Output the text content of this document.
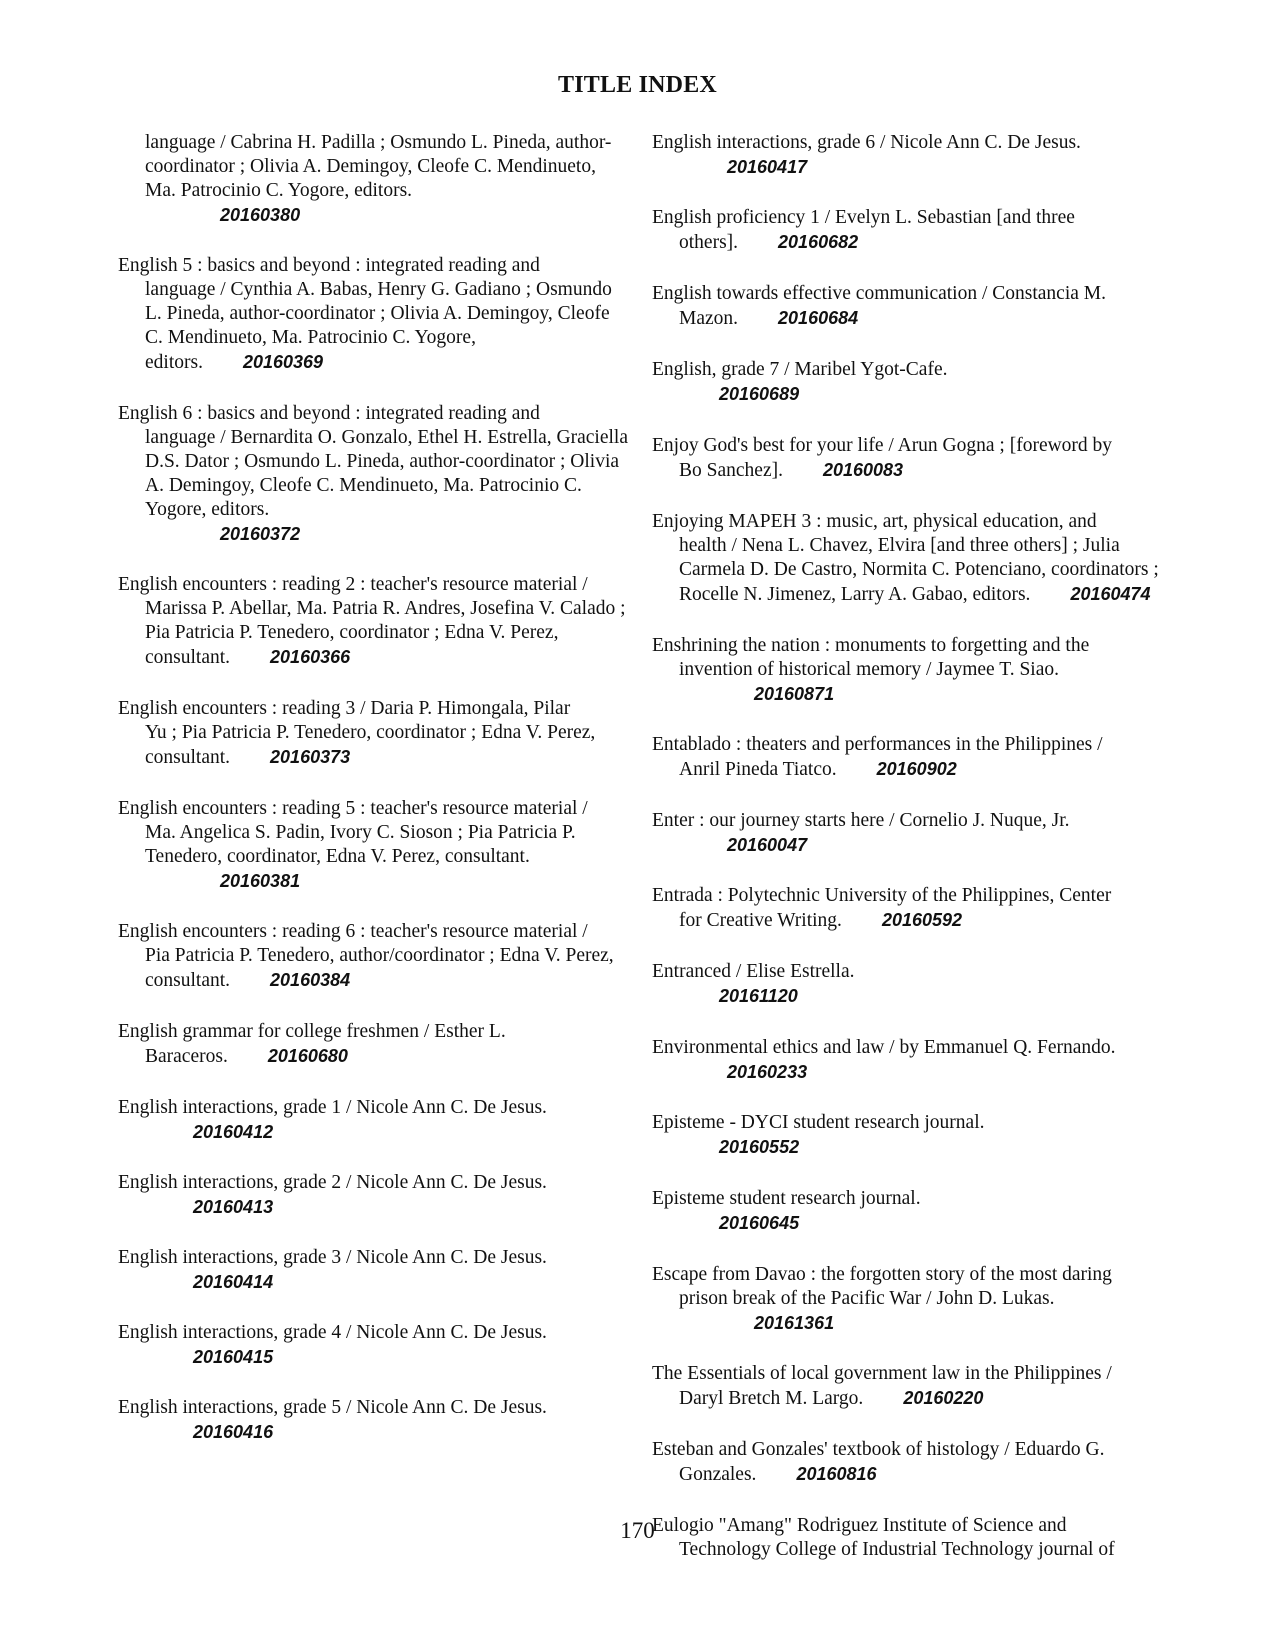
TITLE INDEX
language / Cabrina H. Padilla ; Osmundo L. Pineda, author-coordinator ; Olivia A. Demingoy, Cleofe C. Mendinueto, Ma. Patrocinio C. Yogore, editors.
20160380
English 5 : basics and beyond : integrated reading and
language / Cynthia A. Babas, Henry G. Gadiano ; Osmundo L. Pineda, author-coordinator ; Olivia A. Demingoy, Cleofe C. Mendinueto, Ma. Patrocinio C. Yogore, editors. 20160369
English 6 : basics and beyond : integrated reading and
language / Bernardita O. Gonzalo, Ethel H. Estrella, Graciella D.S. Dator ; Osmundo L. Pineda, author-coordinator ; Olivia A. Demingoy, Cleofe C. Mendinueto, Ma. Patrocinio C. Yogore, editors.
20160372
English encounters : reading 2 : teacher's resource material /
Marissa P. Abellar, Ma. Patria R. Andres, Josefina V. Calado ; Pia Patricia P. Tenedero, coordinator ; Edna V. Perez, consultant. 20160366
English encounters : reading 3 / Daria P. Himongala, Pilar
Yu ; Pia Patricia P. Tenedero, coordinator ; Edna V. Perez, consultant. 20160373
English encounters : reading 5 : teacher's resource material /
Ma. Angelica S. Padin, Ivory C. Sioson ; Pia Patricia P. Tenedero, coordinator, Edna V. Perez, consultant.
20160381
English encounters : reading 6 : teacher's resource material /
Pia Patricia P. Tenedero, author/coordinator ; Edna V. Perez, consultant. 20160384
English grammar for college freshmen / Esther L.
Baraceros. 20160680
English interactions, grade 1 / Nicole Ann C. De Jesus.
20160412
English interactions, grade 2 / Nicole Ann C. De Jesus.
20160413
English interactions, grade 3 / Nicole Ann C. De Jesus.
20160414
English interactions, grade 4 / Nicole Ann C. De Jesus.
20160415
English interactions, grade 5 / Nicole Ann C. De Jesus.
20160416
English interactions, grade 6 / Nicole Ann C. De Jesus.
20160417
English proficiency 1 / Evelyn L. Sebastian [and three
others]. 20160682
English towards effective communication / Constancia M.
Mazon. 20160684
English, grade 7 / Maribel Ygot-Cafe.
20160689
Enjoy God's best for your life / Arun Gogna ; [foreword by
Bo Sanchez]. 20160083
Enjoying MAPEH 3 : music, art, physical education, and
health / Nena L. Chavez, Elvira [and three others] ; Julia Carmela D. De Castro, Normita C. Potenciano, coordinators ; Rocelle N. Jimenez, Larry A. Gabao, editors. 20160474
Enshrining the nation : monuments to forgetting and the
invention of historical memory / Jaymee T. Siao.
20160871
Entablado : theaters and performances in the Philippines /
Anril Pineda Tiatco. 20160902
Enter : our journey starts here / Cornelio J. Nuque, Jr.
20160047
Entrada : Polytechnic University of the Philippines, Center
for Creative Writing. 20160592
Entranced / Elise Estrella.
20161120
Environmental ethics and law / by Emmanuel Q. Fernando.
20160233
Episteme - DYCI student research journal.
20160552
Episteme student research journal.
20160645
Escape from Davao : the forgotten story of the most daring
prison break of the Pacific War / John D. Lukas.
20161361
The Essentials of local government law in the Philippines /
Daryl Bretch M. Largo. 20160220
Esteban and Gonzales' textbook of histology / Eduardo G.
Gonzales. 20160816
Eulogio "Amang" Rodriguez Institute of Science and
Technology College of Industrial Technology journal of
170
